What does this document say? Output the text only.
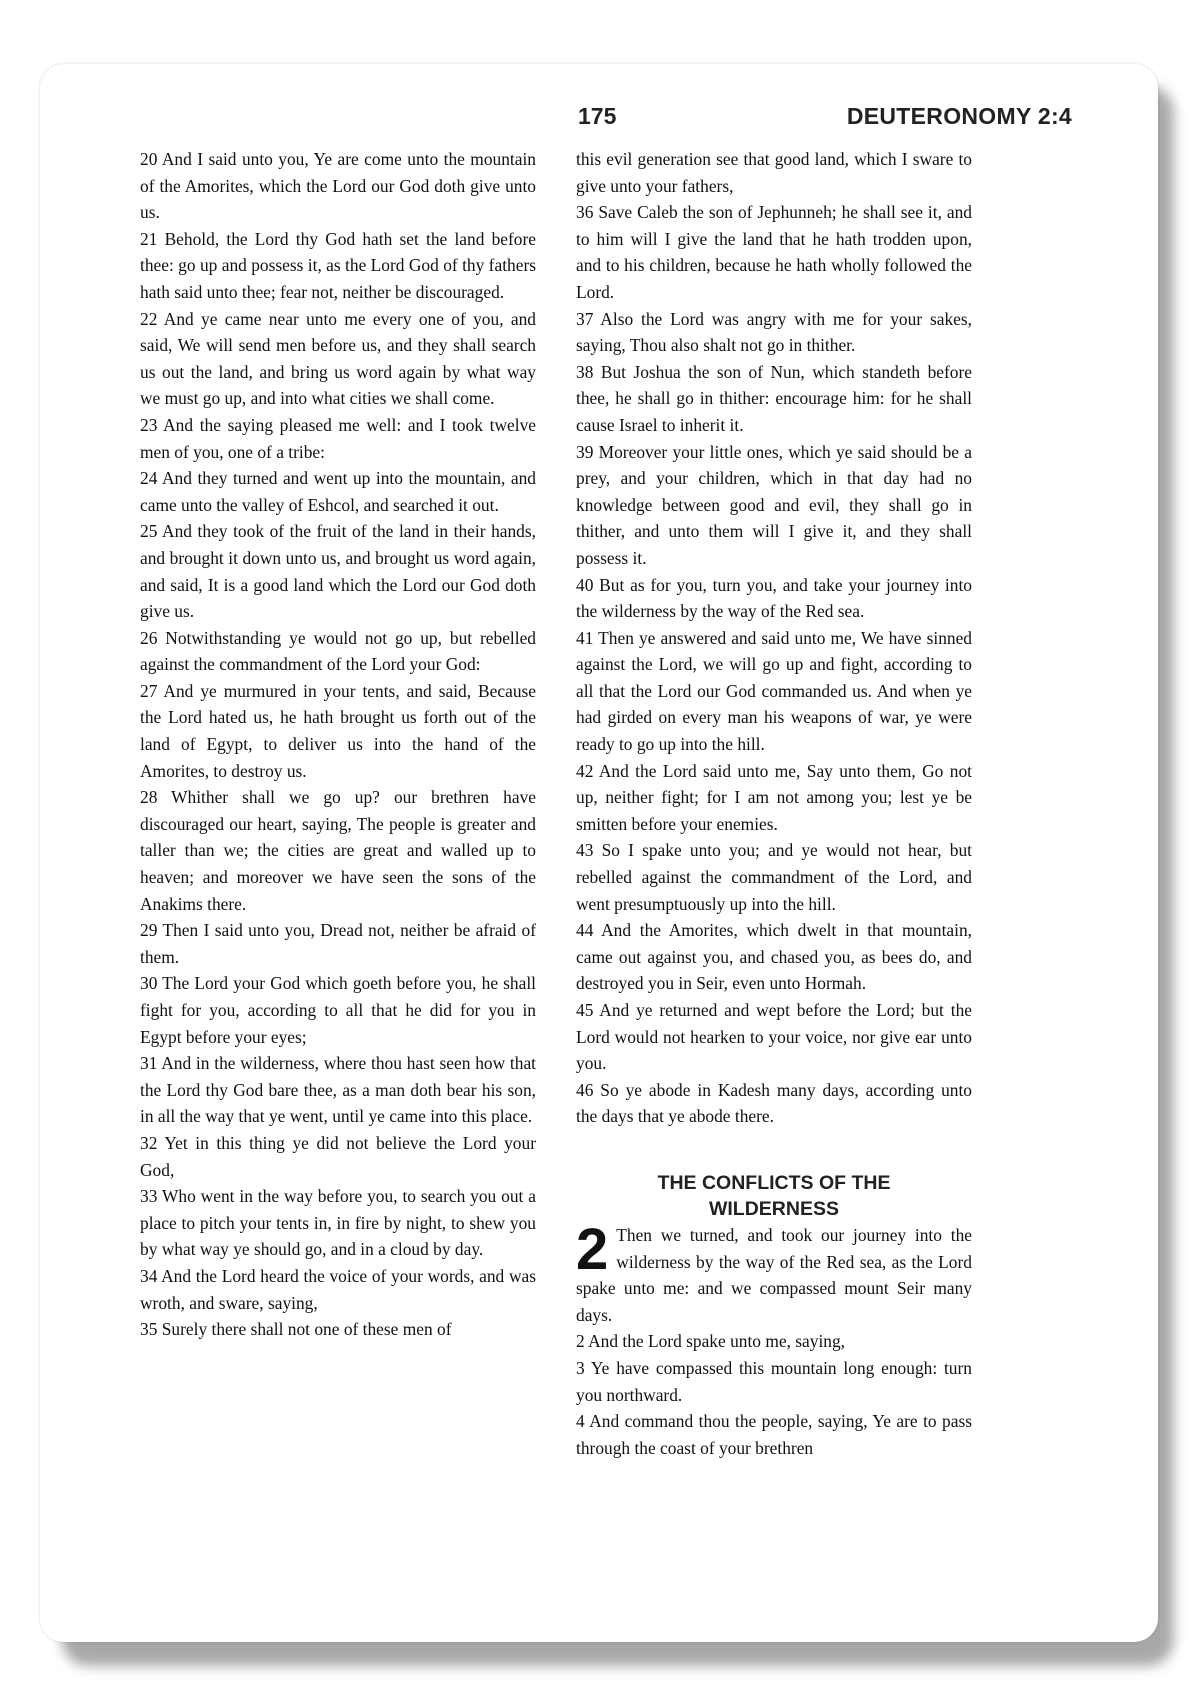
175	DEUTERONOMY 2:4

20 And I said unto you, Ye are come unto the mountain of the Amorites, which the Lord our God doth give unto us.

21 Behold, the Lord thy God hath set the land before thee: go up and possess it, as the Lord God of thy fathers hath said unto thee; fear not, neither be discouraged.

22 And ye came near unto me every one of you, and said, We will send men before us, and they shall search us out the land, and bring us word again by what way we must go up, and into what cities we shall come.

23 And the saying pleased me well: and I took twelve men of you, one of a tribe:

24 And they turned and went up into the mountain, and came unto the valley of Eshcol, and searched it out.

25 And they took of the fruit of the land in their hands, and brought it down unto us, and brought us word again, and said, It is a good land which the Lord our God doth give us.

26 Notwithstanding ye would not go up, but rebelled against the commandment of the Lord your God:

27 And ye murmured in your tents, and said, Because the Lord hated us, he hath brought us forth out of the land of Egypt, to deliver us into the hand of the Amorites, to destroy us.

28 Whither shall we go up? our brethren have discouraged our heart, saying, The people is greater and taller than we; the cities are great and walled up to heaven; and moreover we have seen the sons of the Anakims there.

29 Then I said unto you, Dread not, neither be afraid of them.

30 The Lord your God which goeth before you, he shall fight for you, according to all that he did for you in Egypt before your eyes;

31 And in the wilderness, where thou hast seen how that the Lord thy God bare thee, as a man doth bear his son, in all the way that ye went, until ye came into this place.

32 Yet in this thing ye did not believe the Lord your God,

33 Who went in the way before you, to search you out a place to pitch your tents in, in fire by night, to shew you by what way ye should go, and in a cloud by day.

34 And the Lord heard the voice of your words, and was wroth, and sware, saying,

35 Surely there shall not one of these men of

this evil generation see that good land, which I sware to give unto your fathers,

36 Save Caleb the son of Jephunneh; he shall see it, and to him will I give the land that he hath trodden upon, and to his children, because he hath wholly followed the Lord.

37 Also the Lord was angry with me for your sakes, saying, Thou also shalt not go in thither.

38 But Joshua the son of Nun, which standeth before thee, he shall go in thither: encourage him: for he shall cause Israel to inherit it.

39 Moreover your little ones, which ye said should be a prey, and your children, which in that day had no knowledge between good and evil, they shall go in thither, and unto them will I give it, and they shall possess it.

40 But as for you, turn you, and take your journey into the wilderness by the way of the Red sea.

41 Then ye answered and said unto me, We have sinned against the Lord, we will go up and fight, according to all that the Lord our God commanded us. And when ye had girded on every man his weapons of war, ye were ready to go up into the hill.

42 And the Lord said unto me, Say unto them, Go not up, neither fight; for I am not among you; lest ye be smitten before your enemies.

43 So I spake unto you; and ye would not hear, but rebelled against the commandment of the Lord, and went presumptuously up into the hill.

44 And the Amorites, which dwelt in that mountain, came out against you, and chased you, as bees do, and destroyed you in Seir, even unto Hormah.

45 And ye returned and wept before the Lord; but the Lord would not hearken to your voice, nor give ear unto you.

46 So ye abode in Kadesh many days, according unto the days that ye abode there.

THE CONFLICTS OF THE
WILDERNESS

2 Then we turned, and took our journey into the wilderness by the way of the Red sea, as the Lord spake unto me: and we compassed mount Seir many days.

2 And the Lord spake unto me, saying,

3 Ye have compassed this mountain long enough: turn you northward.

4 And command thou the people, saying, Ye are to pass through the coast of your brethren
